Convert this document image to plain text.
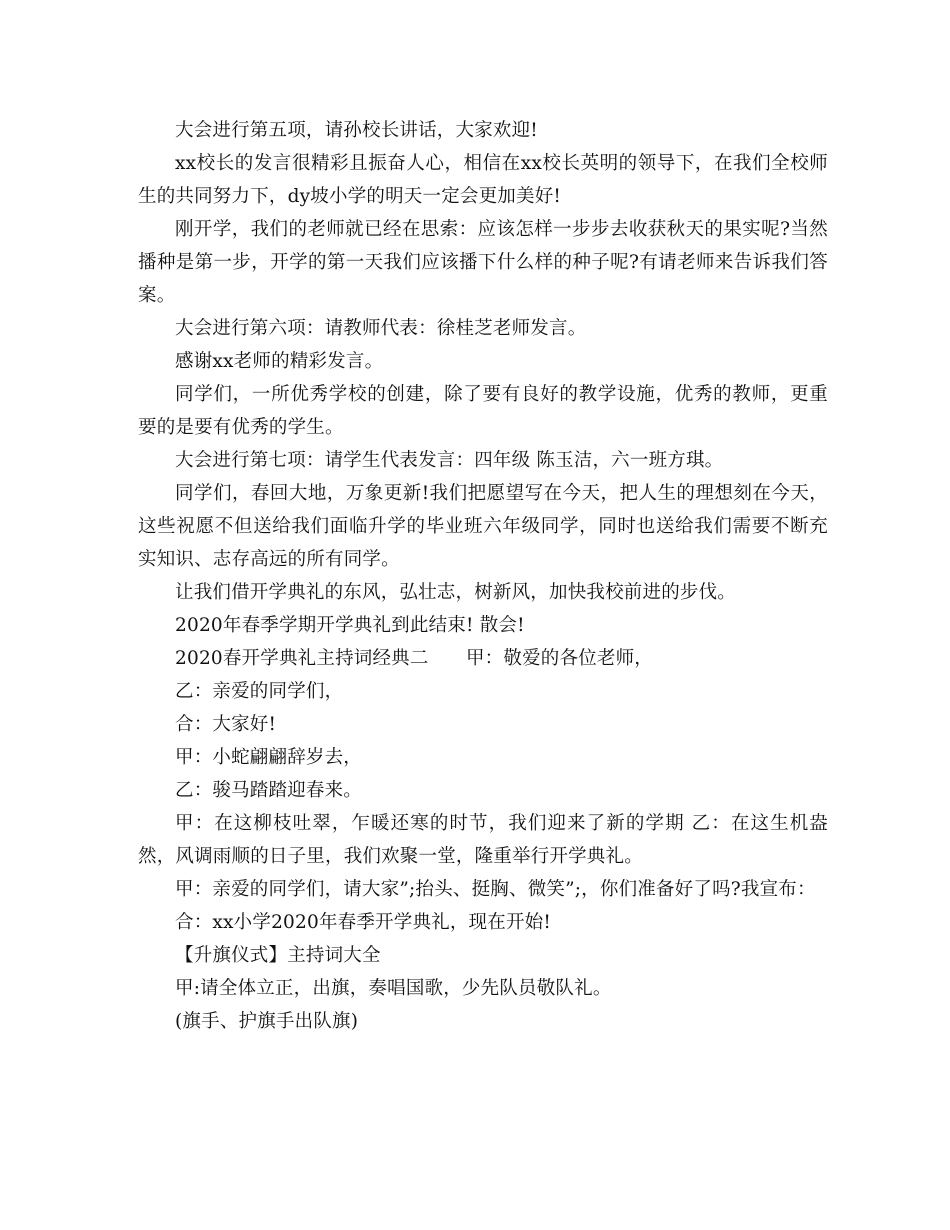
大会进行第五项，请孙校长讲话，大家欢迎!

xx校长的发言很精彩且振奋人心，相信在xx校长英明的领导下，在我们全校师生的共同努力下，dy坡小学的明天一定会更加美好!

刚开学，我们的老师就已经在思索：应该怎样一步步去收获秋天的果实呢?当然播种是第一步，开学的第一天我们应该播下什么样的种子呢?有请老师来告诉我们答案。

大会进行第六项：请教师代表：徐桂芝老师发言。

感谢xx老师的精彩发言。

同学们，一所优秀学校的创建，除了要有良好的教学设施，优秀的教师，更重要的是要有优秀的学生。

大会进行第七项：请学生代表发言：四年级 陈玉洁，六一班方琪。

同学们，春回大地，万象更新!我们把愿望写在今天，把人生的理想刻在今天，这些祝愿不但送给我们面临升学的毕业班六年级同学，同时也送给我们需要不断充实知识、志存高远的所有同学。

让我们借开学典礼的东风，弘壮志，树新风，加快我校前进的步伐。

2020年春季学期开学典礼到此结束! 散会!

2020春开学典礼主持词经典二　　甲：敬爱的各位老师，

乙：亲爱的同学们，

合：大家好!

甲：小蛇翩翩辞岁去，

乙：骏马踏踏迎春来。

甲：在这柳枝吐翠，乍暖还寒的时节，我们迎来了新的学期 乙：在这生机盎然，风调雨顺的日子里，我们欢聚一堂，隆重举行开学典礼。

甲：亲爱的同学们，请大家”;抬头、挺胸、微笑”;，你们准备好了吗?我宣布：

合：xx小学2020年春季开学典礼，现在开始!

【升旗仪式】主持词大全

甲:请全体立正，出旗，奏唱国歌，少先队员敬队礼。

(旗手、护旗手出队旗)
